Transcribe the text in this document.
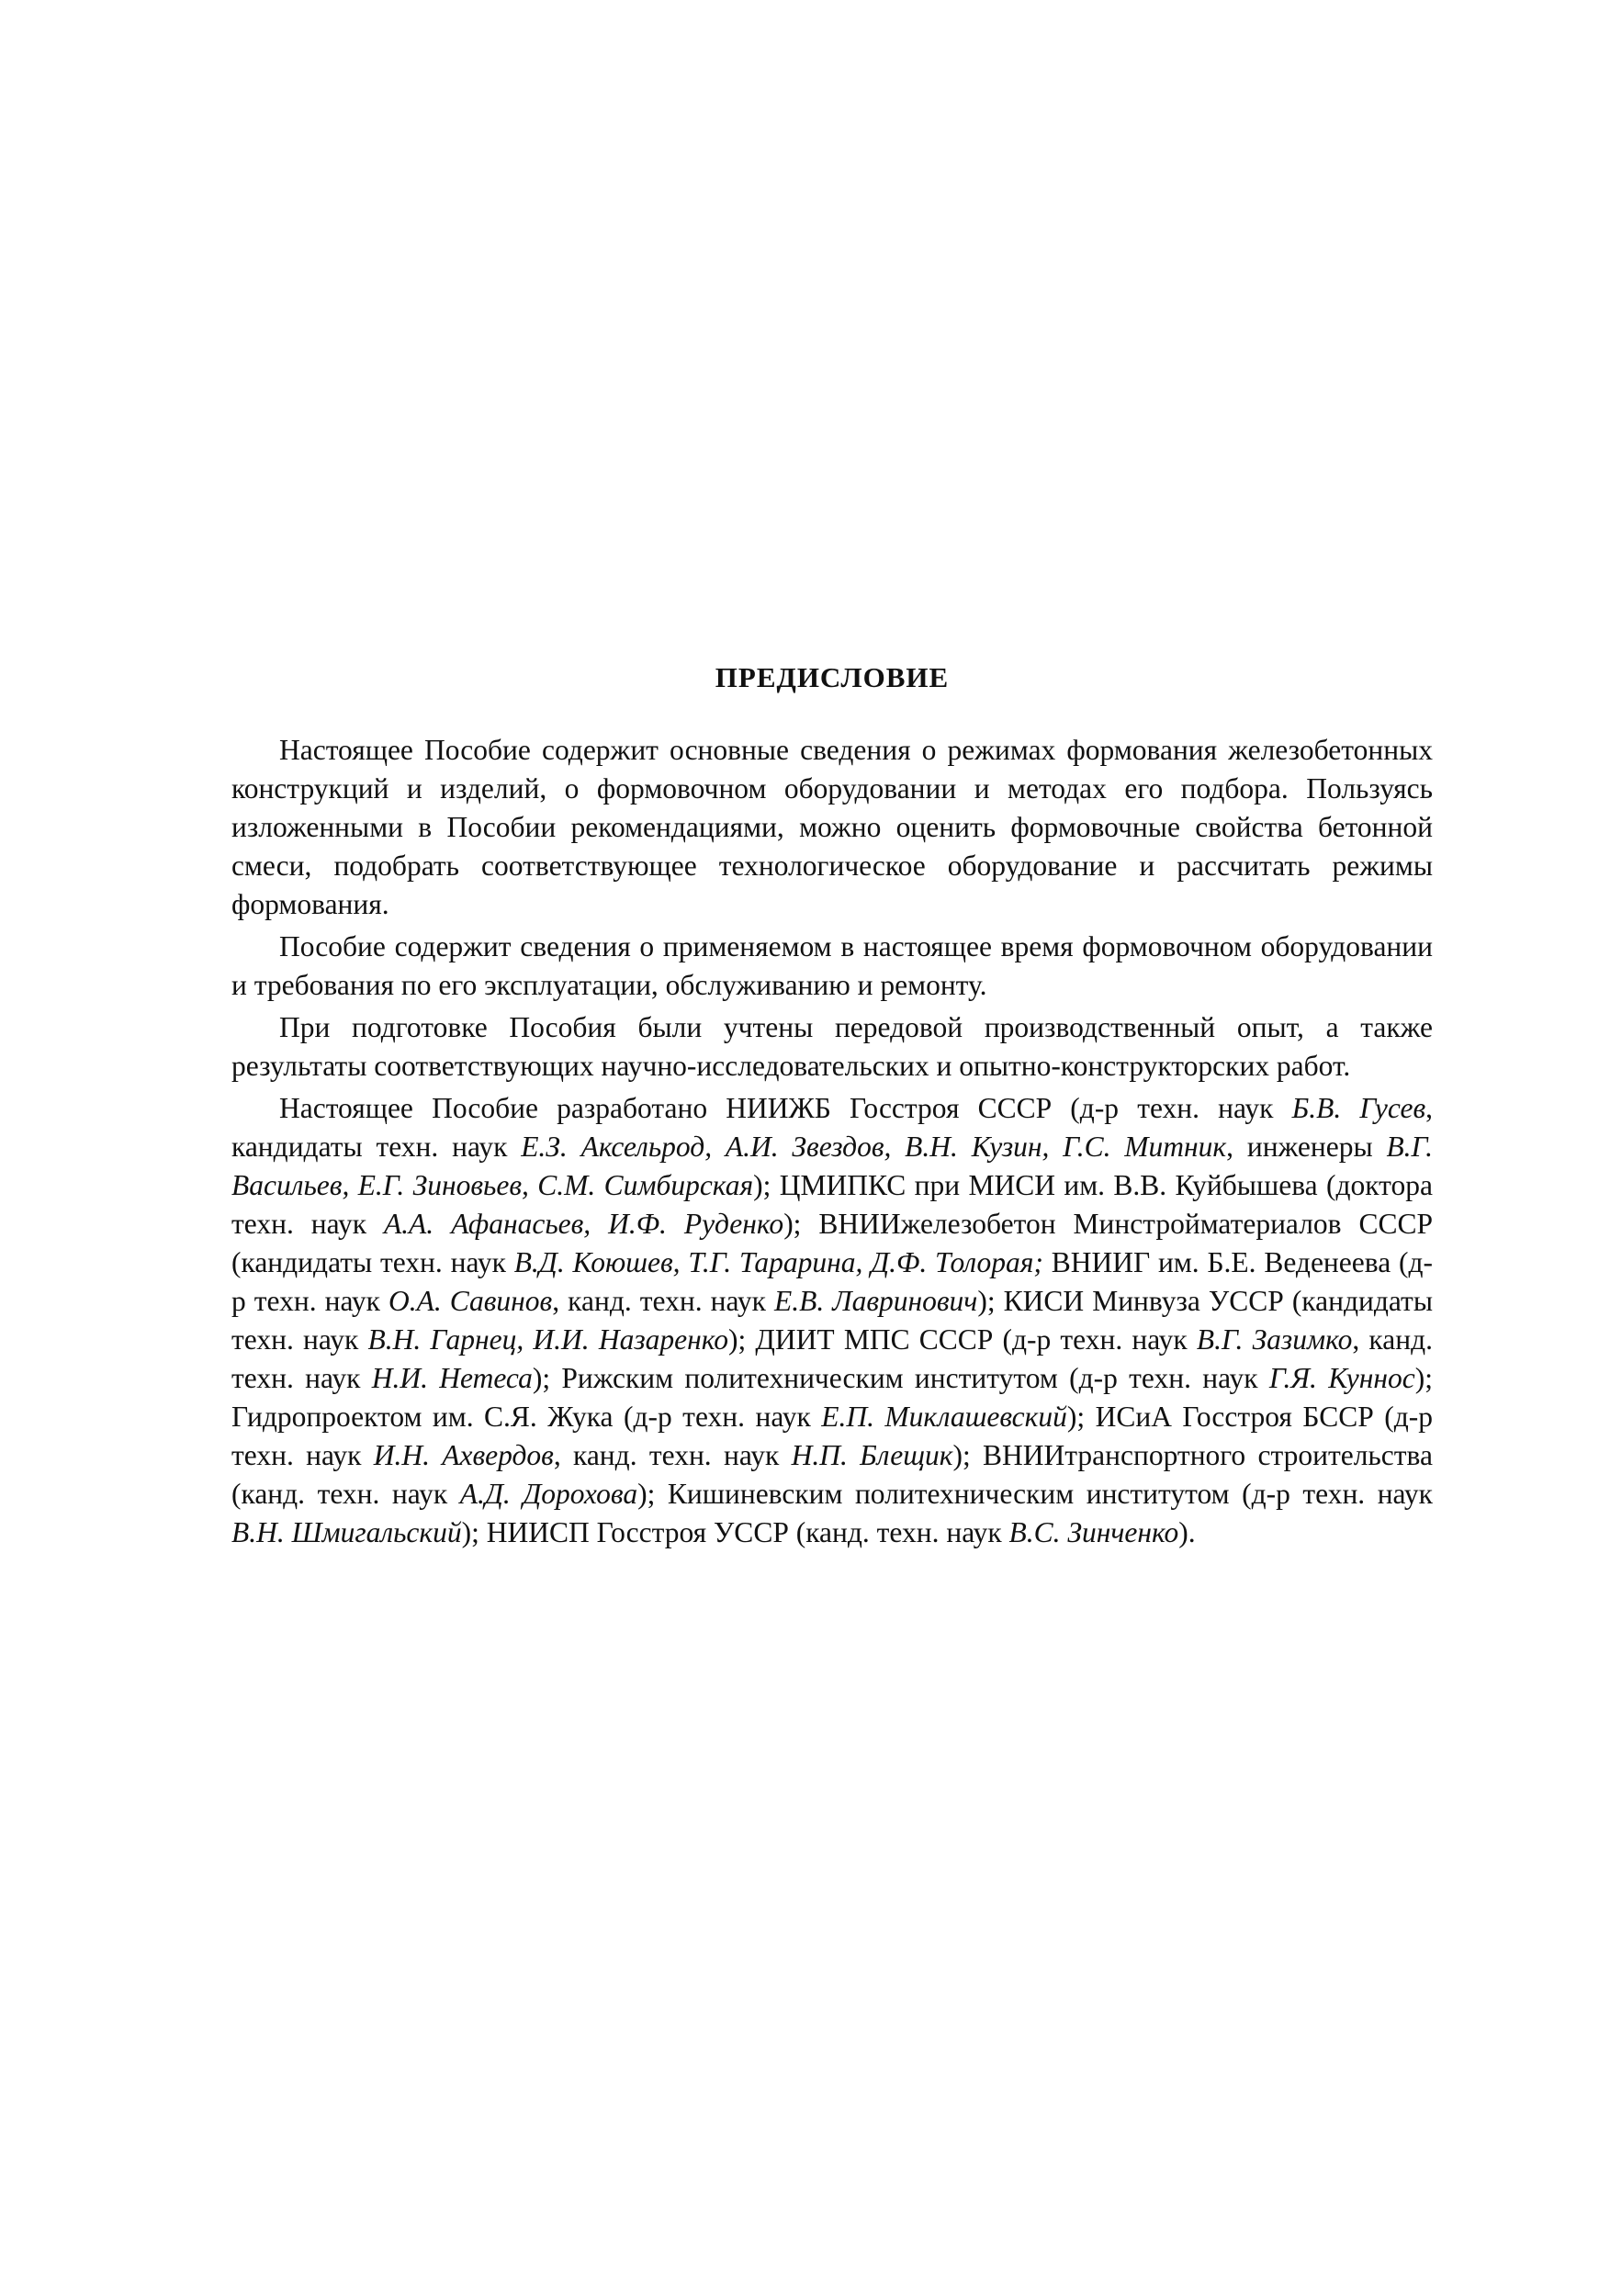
ПРЕДИСЛОВИЕ

Настоящее Пособие содержит основные сведения о режимах формования железобетонных конструкций и изделий, о формовочном оборудовании и методах его подбора. Пользуясь изложенными в Пособии рекомендациями, можно оценить формовочные свойства бетонной смеси, подобрать соответствующее технологическое оборудование и рассчитать режимы формования.

Пособие содержит сведения о применяемом в настоящее время формовочном оборудовании и требования по его эксплуатации, обслуживанию и ремонту.

При подготовке Пособия были учтены передовой производственный опыт, а также результаты соответствующих научно-исследовательских и опытно-конструкторских работ.

Настоящее Пособие разработано НИИЖБ Госстроя СССР (д-р техн. наук Б.В. Гусев, кандидаты техн. наук Е.З. Аксельрод, А.И. Звездов, В.Н. Кузин, Г.С. Митник, инженеры В.Г. Васильев, Е.Г. Зиновьев, С.М. Симбирская); ЦМИПКС при МИСИ им. В.В. Куйбышева (доктора техн. наук А.А. Афанасьев, И.Ф. Руденко); ВНИИжелезобетон Минстройматериалов СССР (кандидаты техн. наук В.Д. Коюшев, Т.Г. Тарарина, Д.Ф. Толорая; ВНИИГ им. Б.Е. Веденеева (д-р техн. наук О.А. Савинов, канд. техн. наук Е.В. Лавринович); КИСИ Минвуза УССР (кандидаты техн. наук В.Н. Гарнец, И.И. Назаренко); ДИИТ МПС СССР (д-р техн. наук В.Г. Зазимко, канд. техн. наук Н.И. Нетеса); Рижским политехническим институтом (д-р техн. наук Г.Я. Куннос); Гидропроектом им. С.Я. Жука (д-р техн. наук Е.П. Миклашевский); ИСиА Госстроя БССР (д-р техн. наук И.Н. Ахвердов, канд. техн. наук Н.П. Блещик); ВНИИтранспортного строительства (канд. техн. наук А.Д. Дорохова); Кишиневским политехническим институтом (д-р техн. наук В.Н. Шмигальский); НИИСП Госстроя УССР (канд. техн. наук В.С. Зинченко).
